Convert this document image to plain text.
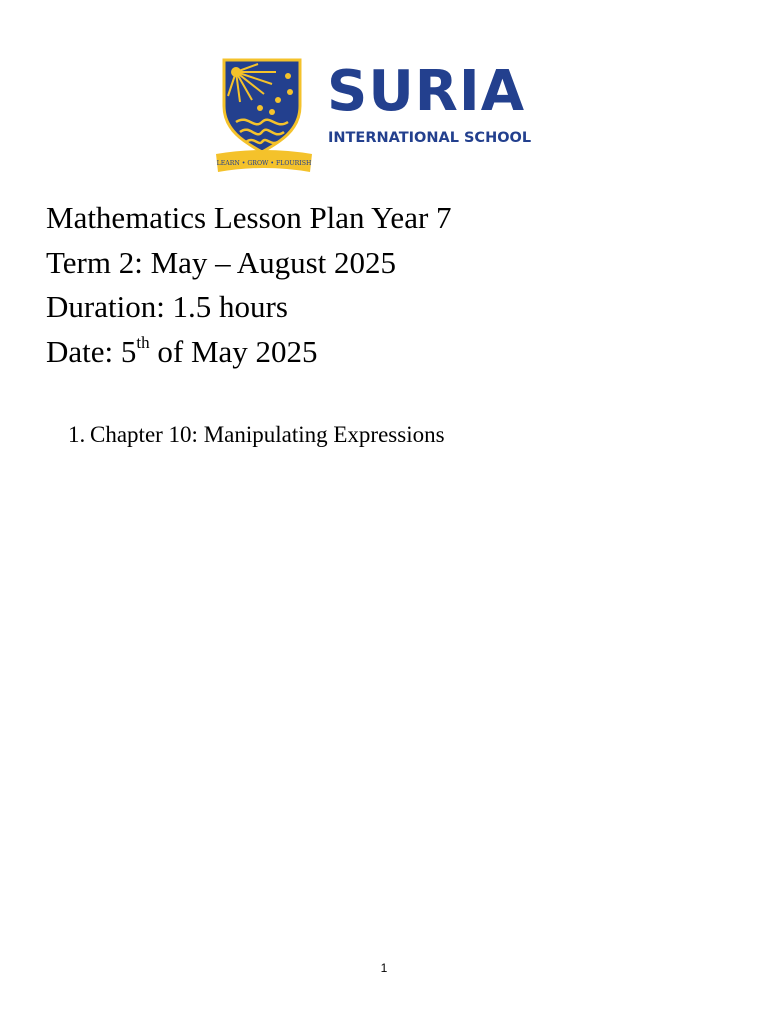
LEARN • GROW • FLOURISH
SURIA
INTERNATIONAL SCHOOL
Mathematics Lesson Plan Year 7
Term 2: May – August 2025
Duration: 1.5 hours
Date: 5th of May 2025
1. Chapter 10: Manipulating Expressions
1
